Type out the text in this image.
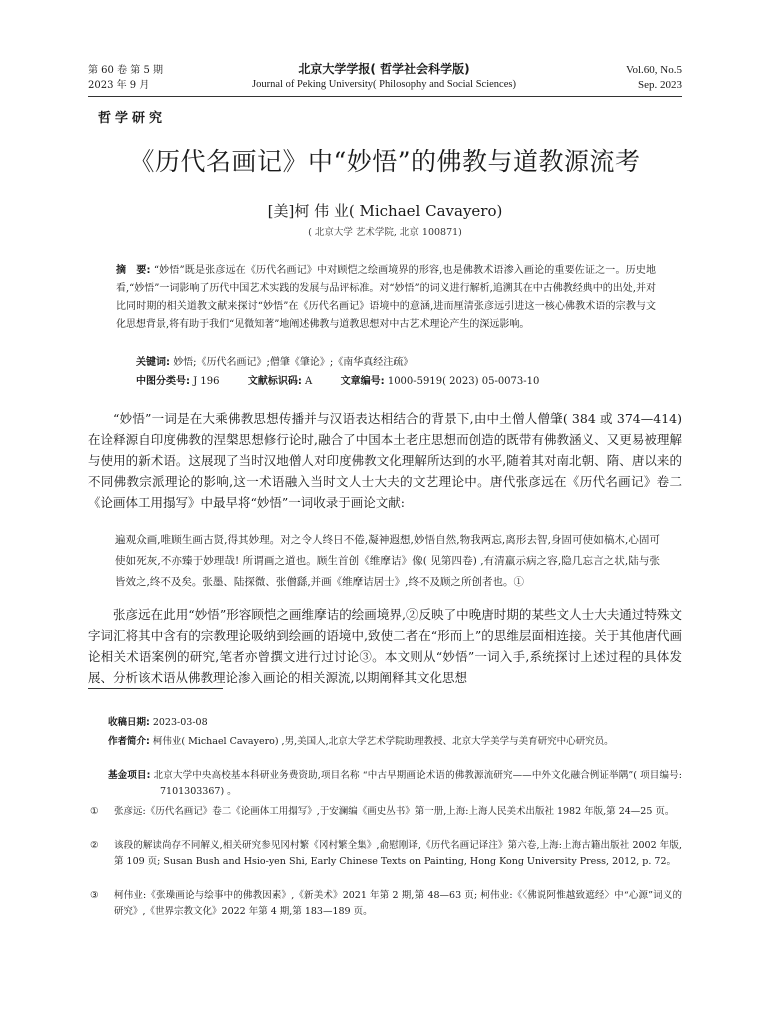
第 60 卷 第 5 期
2023 年 9 月
北京大学学报( 哲学社会科学版)
Journal of Peking University( Philosophy and Social Sciences)
Vol.60, No.5
Sep. 2023
哲学研究
《历代名画记》中“妙悟”的佛教与道教源流考
[美]柯 伟 业( Michael Cavayero)
( 北京大学 艺术学院, 北京 100871)
摘　要: “妙悟”既是张彦远在《历代名画记》中对顾恺之绘画境界的形容,也是佛教术语渗入画论的重要佐证之一。历史地看,“妙悟”一词影响了历代中国艺术实践的发展与品评标准。对“妙悟”的词义进行解析,追溯其在中古佛教经典中的出处,并对比同时期的相关道教文献来探讨“妙悟”在《历代名画记》语境中的意涵,进而厘清张彦远引进这一核心佛教术语的宗教与文化思想背景,将有助于我们“见微知著”地阐述佛教与道教思想对中古艺术理论产生的深远影响。
关键词: 妙悟;《历代名画记》;僧肇《肇论》;《南华真经注疏》
中图分类号: J 196	文献标识码: A	文章编号: 1000-5919( 2023) 05-0073-10
“妙悟”一词是在大乘佛教思想传播并与汉语表达相结合的背景下,由中土僧人僧肇( 384 或 374—414) 在诠释源自印度佛教的涅槃思想修行论时,融合了中国本土老庄思想而创造的既带有佛教涵义、又更易被理解与使用的新术语。这展现了当时汉地僧人对印度佛教文化理解所达到的水平,随着其对南北朝、隋、唐以来的不同佛教宗派理论的影响,这一术语融入当时文人士大夫的文艺理论中。唐代张彦远在《历代名画记》卷二《论画体工用搨写》中最早将“妙悟”一词收录于画论文献:
遍观众画,唯顾生画古贤,得其妙理。对之令人终日不倦,凝神遐想,妙悟自然,物我两忘,离形去智,身固可使如槁木,心固可使如死灰,不亦臻于妙理哉! 所谓画之道也。顾生首创《维摩诘》像( 见第四卷) ,有清羸示病之容,隐几忘言之状,陆与张皆效之,终不及矣。张墨、陆探微、张僧繇,并画《维摩诘居士》,终不及顾之所创者也。①
张彦远在此用“妙悟”形容顾恺之画维摩诘的绘画境界,②反映了中晚唐时期的某些文人士大夫通过特殊文字词汇将其中含有的宗教理论吸纳到绘画的语境中,致使二者在“形而上”的思维层面相连接。关于其他唐代画论相关术语案例的研究,笔者亦曾撰文进行过讨论③。本文则从“妙悟”一词入手,系统探讨上述过程的具体发展、分析该术语从佛教理论渗入画论的相关源流,以期阐释其文化思想
收稿日期: 2023-03-08
作者简介: 柯伟业( Michael Cavayero) ,男,美国人,北京大学艺术学院助理教授、北京大学美学与美育研究中心研究员。
基金项目: 北京大学中央高校基本科研业务费资助,项目名称 “中古早期画论术语的佛教源流研究——中外文化融合例证举隅”( 项目编号: 7101303367) 。
① 张彦远:《历代名画记》卷二《论画体工用搨写》,于安澜编《画史丛书》第一册,上海:上海人民美术出版社 1982 年版,第 24—25 页。
② 该段的解读尚存不同解义,相关研究参见冈村繁《冈村繁全集》,俞慰刚译,《历代名画记译注》第六卷,上海:上海古籍出版社 2002 年版,第 109 页; Susan Bush and Hsio-yen Shi, Early Chinese Texts on Painting, Hong Kong University Press, 2012, p. 72。
③ 柯伟业:《张璪画论与绘事中的佛教因素》,《新美术》2021 年第 2 期,第 48—63 页; 柯伟业:《〈佛说阿惟越致遮经〉中“心源”词义的研究》,《世界宗教文化》2022 年第 4 期,第 183—189 页。
